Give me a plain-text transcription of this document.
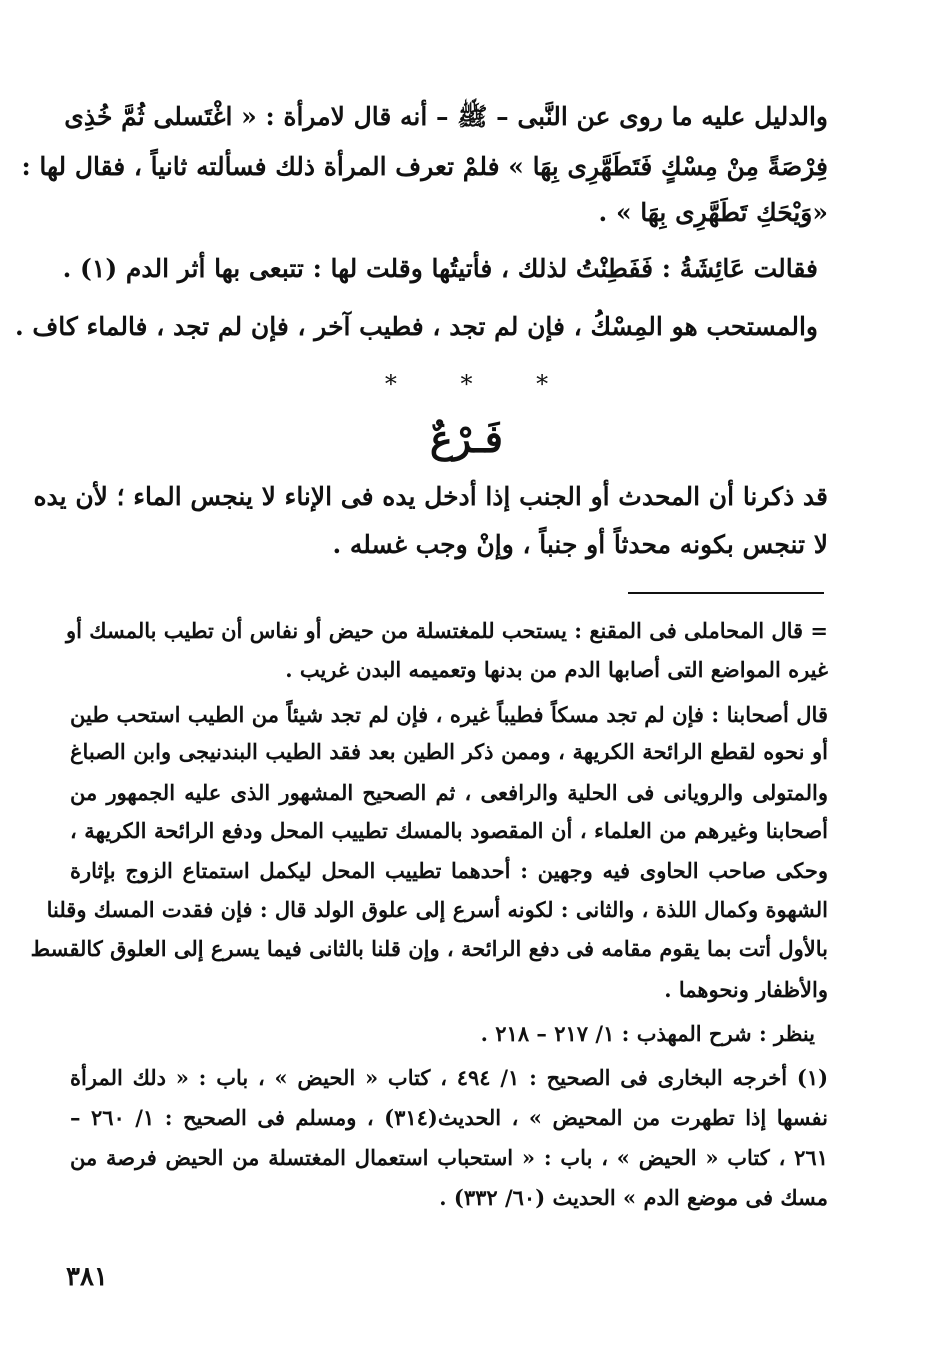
والدليل عليه ما روى عن النَّبى – ﷺ – أنه قال لامرأة : « اغْتَسلى ثُمَّ خُذِى
فِرْصَةً مِنْ مِسْكٍ فَتَطَهَّرِى بِهَا » فلمْ تعرف المرأة ذلك فسألته ثانياً ، فقال لها :
«وَيْحَكِ تَطَهَّرِى بِهَا » .
فقالت عَائِشَةُ : فَفَطِنْتُ لذلك ، فأتيتُها وقلت لها : تتبعى بها أثر الدم (١) .
والمستحب هو المِسْكُ ، فإن لم تجد ، فطيب آخر ، فإن لم تجد ، فالماء كاف .
*	*	*
فَـرْعٌ
قد ذكرنا أن المحدث أو الجنب إذا أدخل يده فى الإناء لا ينجس الماء ؛ لأن يده
لا تنجس بكونه محدثاً أو جنباً ، وإنْ وجب غسله .
= قال المحاملى فى المقنع : يستحب للمغتسلة من حيض أو نفاس أن تطيب بالمسك أو
غيره المواضع التى أصابها الدم من بدنها وتعميمه البدن غريب .
قال أصحابنا : فإن لم تجد مسكاً فطيباً غيره ، فإن لم تجد شيئاً من الطيب استحب طين
أو نحوه لقطع الرائحة الكريهة ، وممن ذكر الطين بعد فقد الطيب البندنيجى وابن الصباغ
والمتولى والرويانى فى الحلية والرافعى ، ثم الصحيح المشهور الذى عليه الجمهور من
أصحابنا وغيرهم من العلماء ، أن المقصود بالمسك تطييب المحل ودفع الرائحة الكريهة ،
وحكى صاحب الحاوى فيه وجهين : أحدهما تطييب المحل ليكمل استمتاع الزوج بإثارة
الشهوة وكمال اللذة ، والثانى : لكونه أسرع إلى علوق الولد قال : فإن فقدت المسك وقلنا
بالأول أتت بما يقوم مقامه فى دفع الرائحة ، وإن قلنا بالثانى فيما يسرع إلى العلوق كالقسط
والأظفار ونحوهما .
ينظر : شرح المهذب : ١/ ٢١٧ – ٢١٨ .
(١) أخرجه البخارى فى الصحيح : ١/ ٤٩٤ ، كتاب « الحيض » ، باب : « دلك المرأة
نفسها إذا تطهرت من المحيض » ، الحديث(٣١٤) ، ومسلم فى الصحيح : ١/ ٢٦٠ –
٢٦١ ، كتاب « الحيض » ، باب : « استحباب استعمال المغتسلة من الحيض فرصة من
مسك فى موضع الدم » الحديث (٦٠/ ٣٣٢) .
٣٨١
